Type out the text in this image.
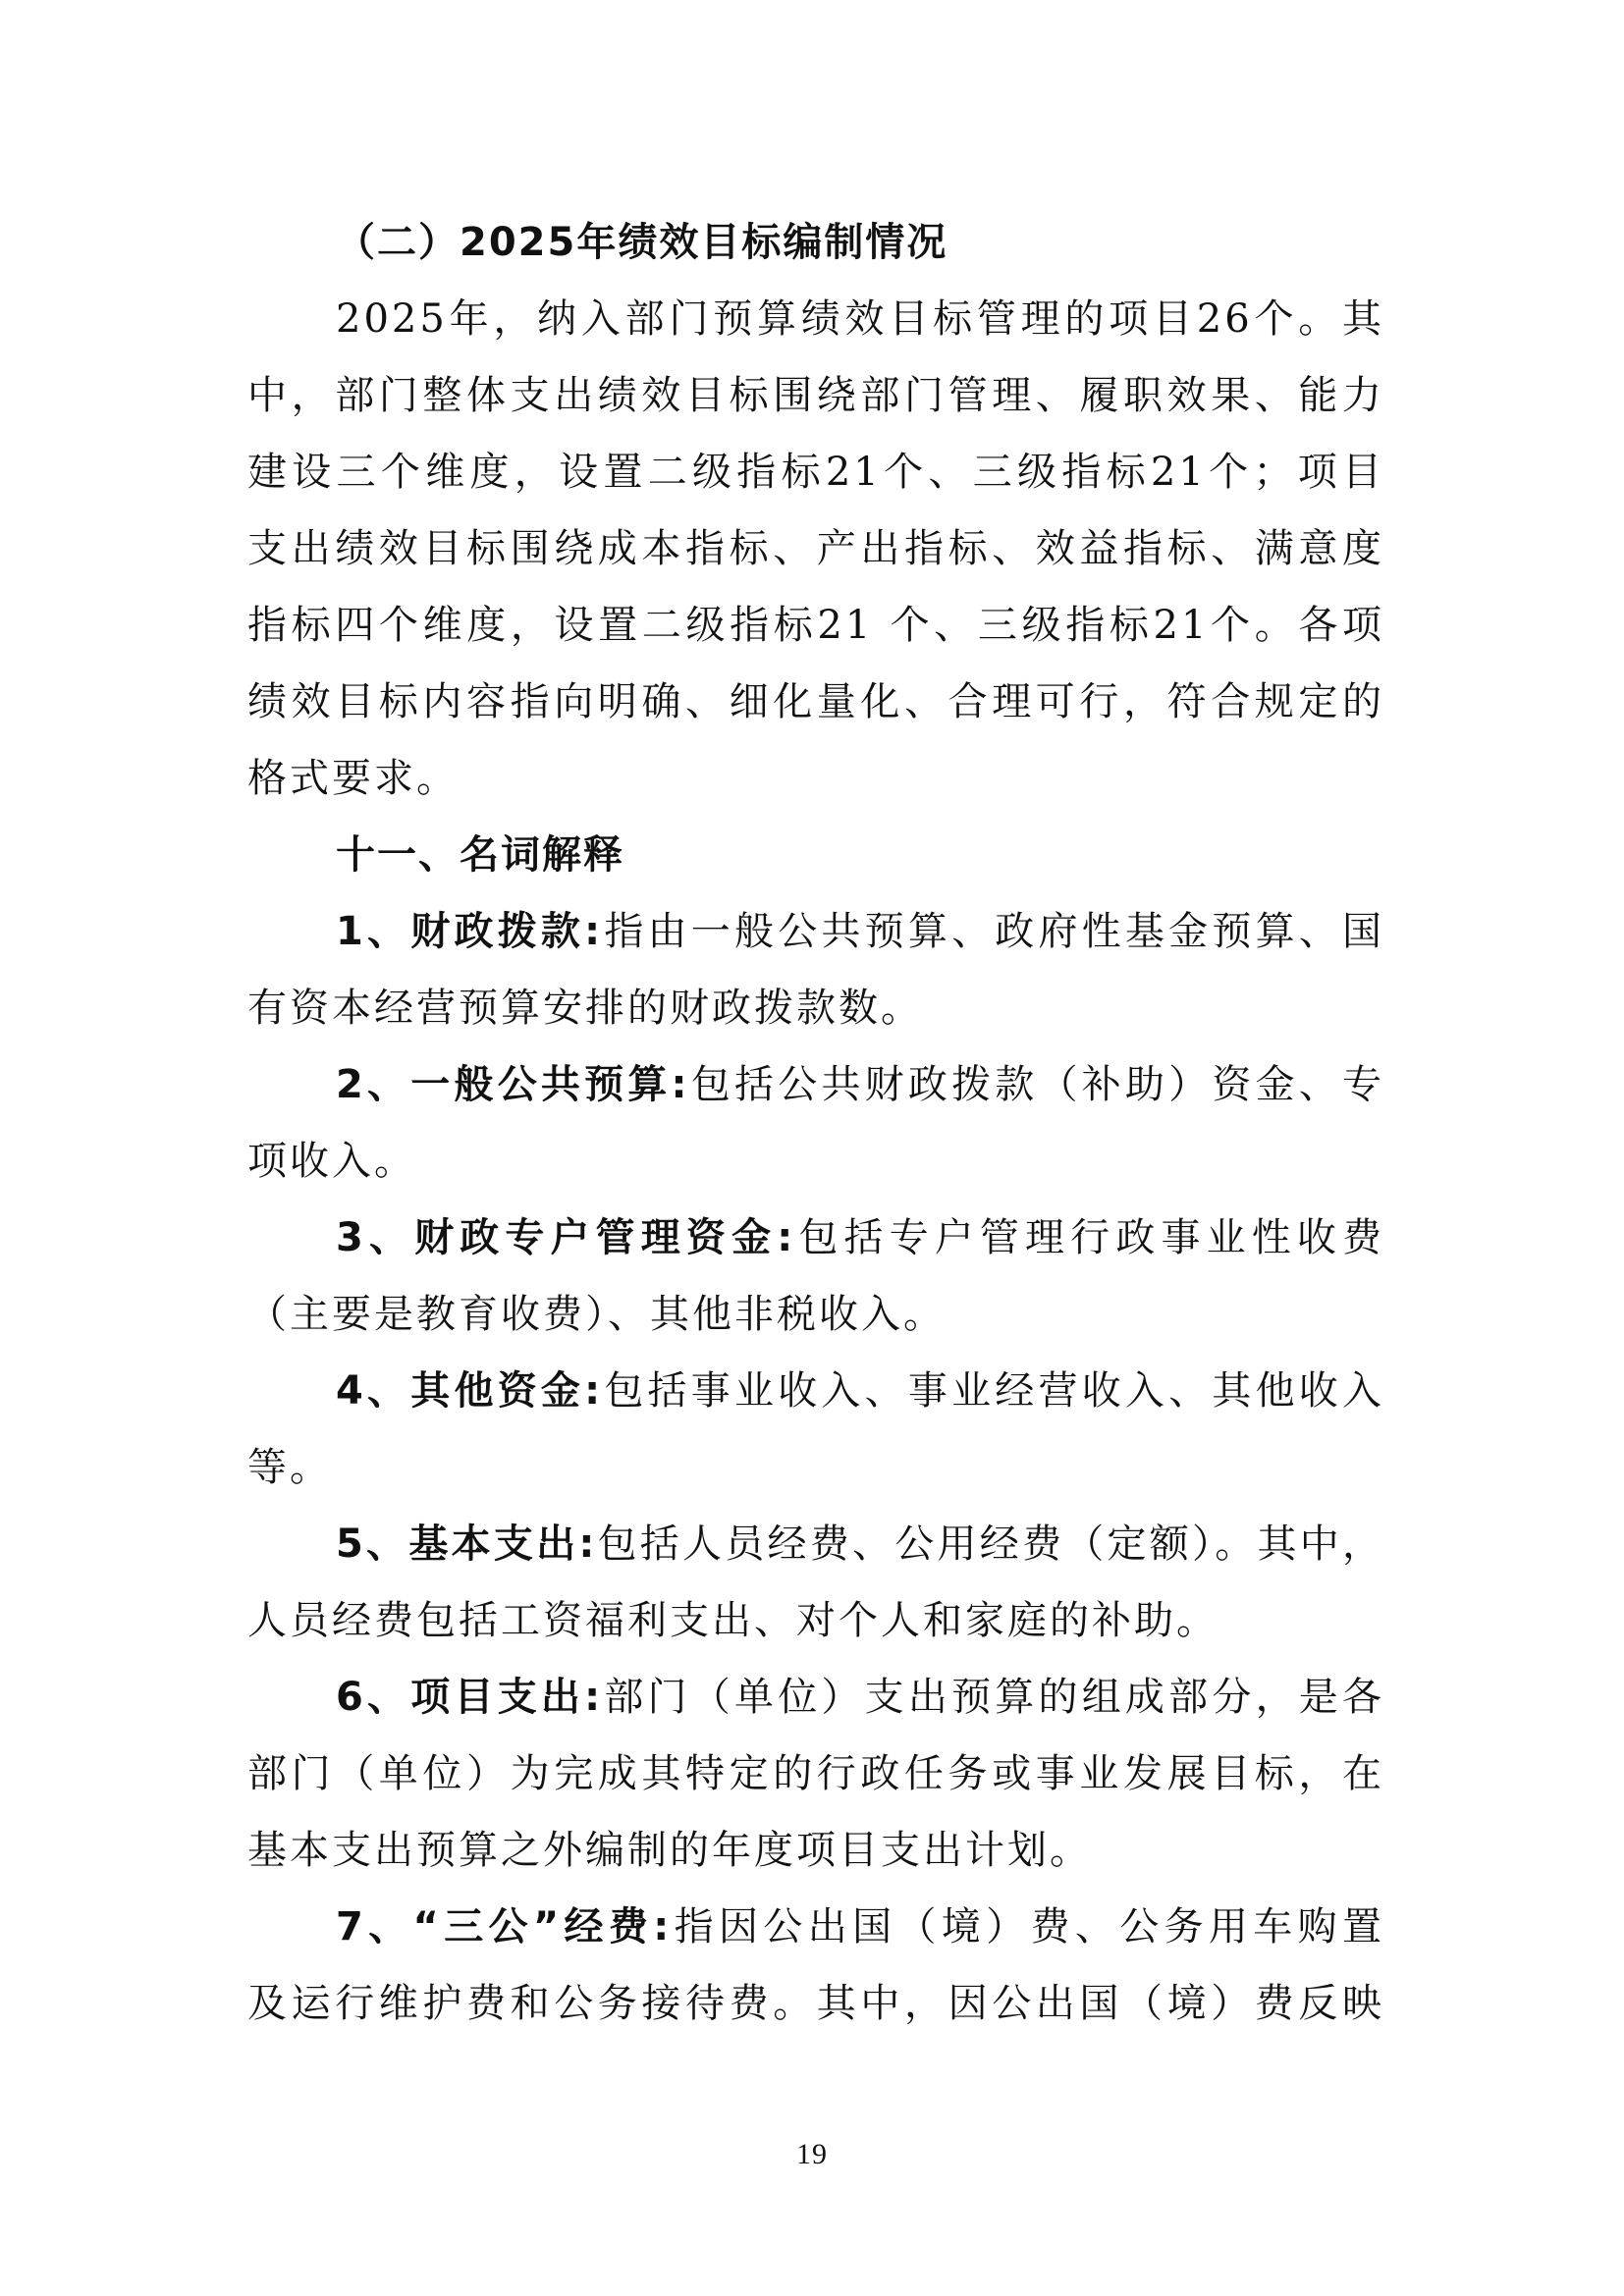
（二）2025年绩效目标编制情况
2025年，纳入部门预算绩效目标管理的项目26个。其
中，部门整体支出绩效目标围绕部门管理、履职效果、能力
建设三个维度，设置二级指标21个、三级指标21个；项目
支出绩效目标围绕成本指标、产出指标、效益指标、满意度
指标四个维度，设置二级指标21 个、三级指标21个。各项
绩效目标内容指向明确、细化量化、合理可行，符合规定的
格式要求。
十一、名词解释
1、财政拨款:指由一般公共预算、政府性基金预算、国
有资本经营预算安排的财政拨款数。
2、一般公共预算:包括公共财政拨款（补助）资金、专
项收入。
3、财政专户管理资金:包括专户管理行政事业性收费
（主要是教育收费）、其他非税收入。
4、其他资金:包括事业收入、事业经营收入、其他收入
等。
5、基本支出:包括人员经费、公用经费（定额）。其中，
人员经费包括工资福利支出、对个人和家庭的补助。
6、项目支出:部门（单位）支出预算的组成部分，是各
部门（单位）为完成其特定的行政任务或事业发展目标，在
基本支出预算之外编制的年度项目支出计划。
7、“三公”经费:指因公出国（境）费、公务用车购置
及运行维护费和公务接待费。其中，因公出国（境）费反映
19
